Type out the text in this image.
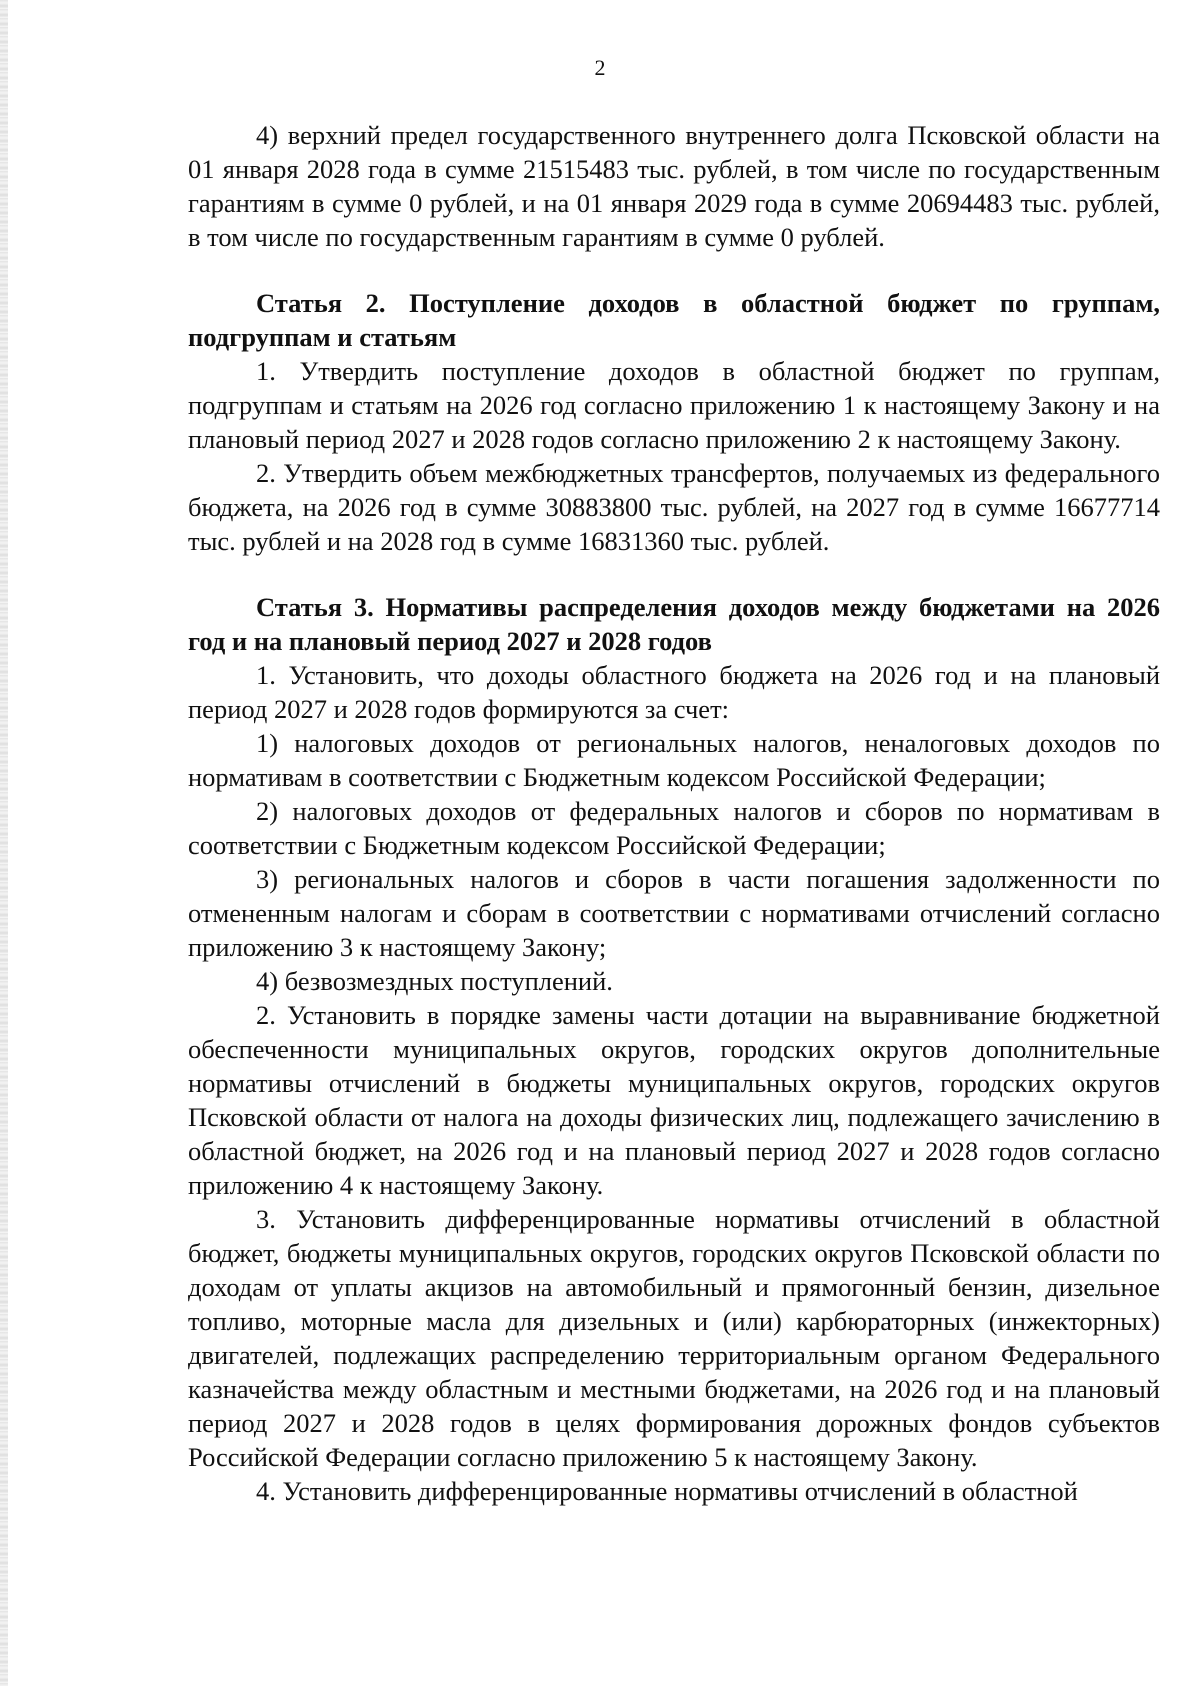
2

4) верхний предел государственного внутреннего долга Псковской области на 01 января 2028 года в сумме 21515483 тыс. рублей, в том числе по государственным гарантиям в сумме 0 рублей, и на 01 января 2029 года в сумме 20694483 тыс. рублей, в том числе по государственным гарантиям в сумме 0 рублей.

Статья 2. Поступление доходов в областной бюджет по группам, подгруппам и статьям

1. Утвердить поступление доходов в областной бюджет по группам, подгруппам и статьям на 2026 год согласно приложению 1 к настоящему Закону и на плановый период 2027 и 2028 годов согласно приложению 2 к настоящему Закону.

2. Утвердить объем межбюджетных трансфертов, получаемых из федерального бюджета, на 2026 год в сумме 30883800 тыс. рублей, на 2027 год в сумме 16677714 тыс. рублей и на 2028 год в сумме 16831360 тыс. рублей.

Статья 3. Нормативы распределения доходов между бюджетами на 2026 год и на плановый период 2027 и 2028 годов

1. Установить, что доходы областного бюджета на 2026 год и на плановый период 2027 и 2028 годов формируются за счет:

1) налоговых доходов от региональных налогов, неналоговых доходов по нормативам в соответствии с Бюджетным кодексом Российской Федерации;

2) налоговых доходов от федеральных налогов и сборов по нормативам в соответствии с Бюджетным кодексом Российской Федерации;

3) региональных налогов и сборов в части погашения задолженности по отмененным налогам и сборам в соответствии с нормативами отчислений согласно приложению 3 к настоящему Закону;

4) безвозмездных поступлений.

2. Установить в порядке замены части дотации на выравнивание бюджетной обеспеченности муниципальных округов, городских округов дополнительные нормативы отчислений в бюджеты муниципальных округов, городских округов Псковской области от налога на доходы физических лиц, подлежащего зачислению в областной бюджет, на 2026 год и на плановый период 2027 и 2028 годов согласно приложению 4 к настоящему Закону.

3. Установить дифференцированные нормативы отчислений в областной бюджет, бюджеты муниципальных округов, городских округов Псковской области по доходам от уплаты акцизов на автомобильный и прямогонный бензин, дизельное топливо, моторные масла для дизельных и (или) карбюраторных (инжекторных) двигателей, подлежащих распределению территориальным органом Федерального казначейства между областным и местными бюджетами, на 2026 год и на плановый период 2027 и 2028 годов в целях формирования дорожных фондов субъектов Российской Федерации согласно приложению 5 к настоящему Закону.

4. Установить дифференцированные нормативы отчислений в областной
